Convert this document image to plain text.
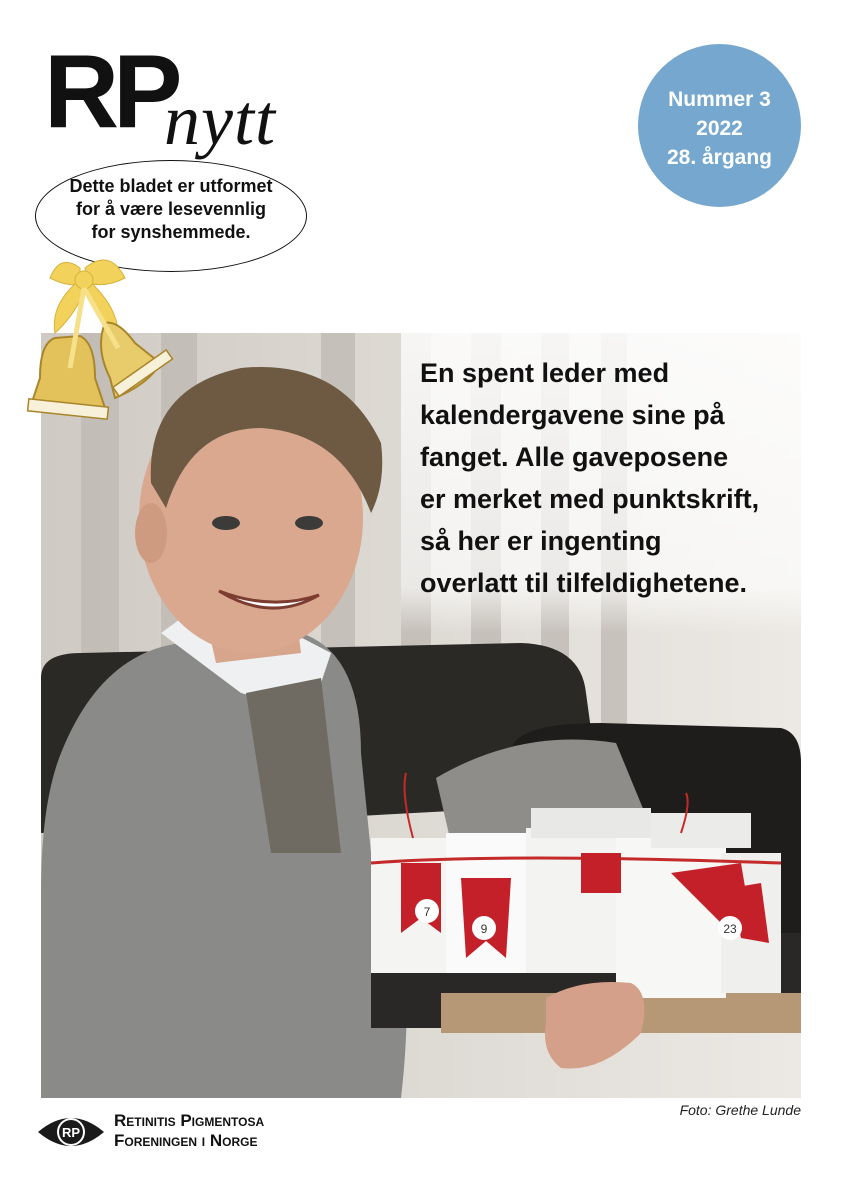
RP
nytt
Dette bladet er utformet
for å være lesevennlig
for synshemmede.
Nummer 3
2022
28. årgang
7
9	23
En spent leder med
kalendergavene sine på
fanget. Alle gaveposene
er merket med punktskrift,
så her er ingenting
overlatt til tilfeldighetene.
Foto: Grethe Lunde
RP
Retinitis Pigmentosa
Foreningen i Norge
